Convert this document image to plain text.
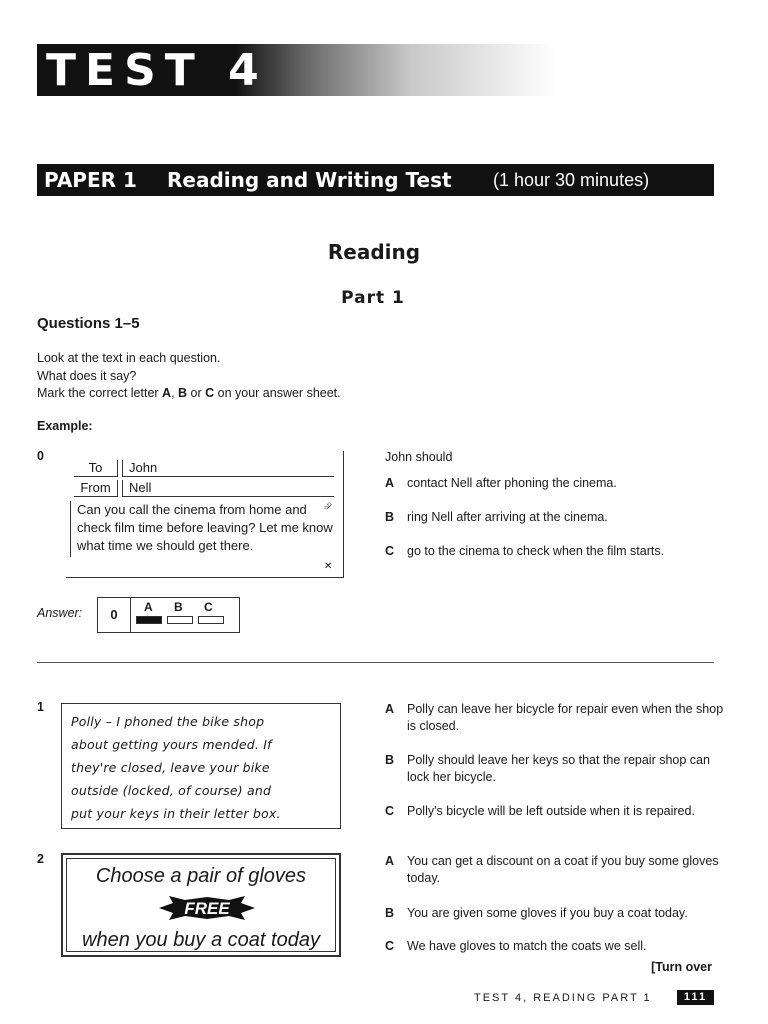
TEST 4
PAPER 1 Reading and Writing Test (1 hour 30 minutes)
Reading
Part 1
Questions 1–5
Look at the text in each question.
What does it say?
Mark the correct letter A, B or C on your answer sheet.
Example:
0
To	John
From	Nell
Can you call the cinema from home and check film time before leaving? Let me know what time we should get there.
⮵
✕
John should
A contact Nell after phoning the cinema.
B ring Nell after arriving at the cinema.
C go to the cinema to check when the film starts.
Answer:	0	A B C
1
Polly – I phoned the bike shop
about getting yours mended. If
they're closed, leave your bike
outside (locked, of course) and
put your keys in their letter box.
A Polly can leave her bicycle for repair even when the shop is closed.
B Polly should leave her keys so that the repair shop can lock her bicycle.
C Polly's bicycle will be left outside when it is repaired.
2
Choose a pair of gloves
FREE
when you buy a coat today
A You can get a discount on a coat if you buy some gloves today.
B You are given some gloves if you buy a coat today.
C We have gloves to match the coats we sell.
[Turn over
TEST 4, READING PART 1	111
